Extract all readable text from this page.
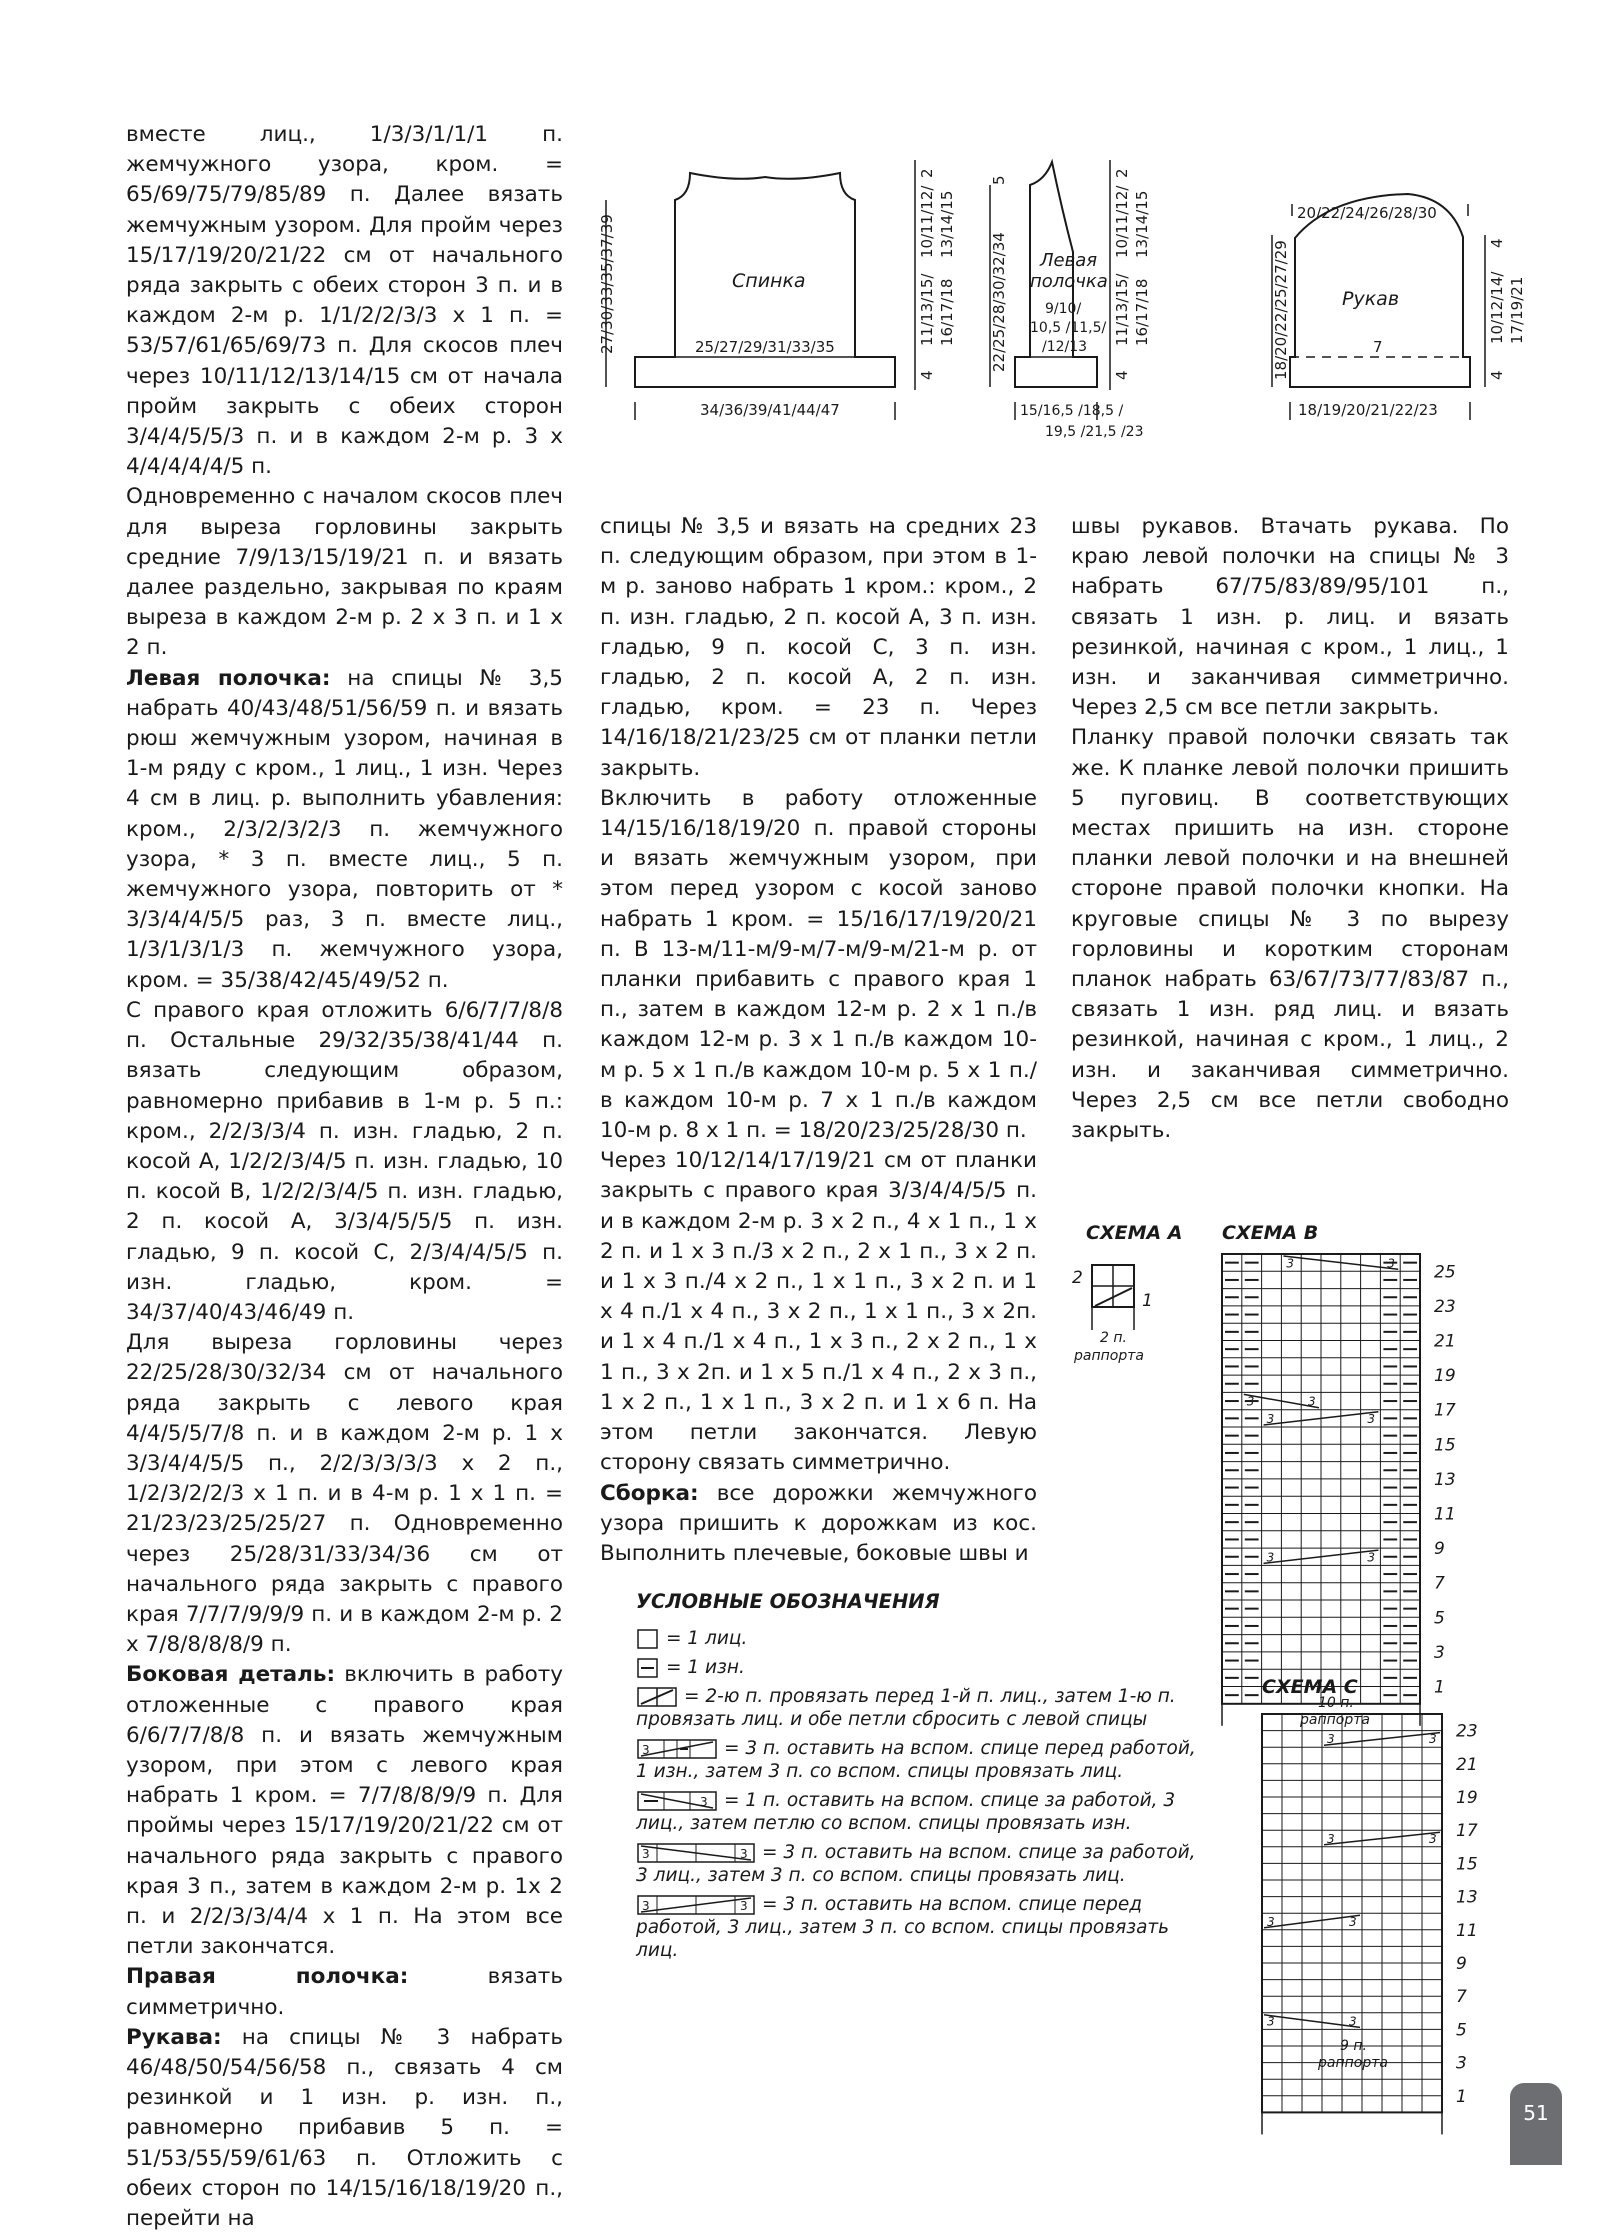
вместе лиц., 1/3/3/1/1/1 п. жемчужного узора, кром. = 65/69/75/79/85/89 п. Далее вязать жемчужным узором. Для пройм через 15/17/19/20/21/22 см от начального ряда закрыть с обеих сторон 3 п. и в каждом 2-м р. 1/1/2/2/3/3 х 1 п. = 53/57/61/65/69/73 п. Для скосов плеч через 10/11/12/13/14/15 см от начала пройм закрыть с обеих сторон 3/4/4/5/5/3 п. и в каждом 2-м р. 3 х 4/4/4/4/4/5 п.

Одновременно с началом скосов плеч для выреза горловины закрыть средние 7/9/13/15/19/21 п. и вязать далее раздельно, закрывая по краям выреза в каждом 2-м р. 2 х 3 п. и 1 х 2 п.

Левая полочка: на спицы № 3,5 набрать 40/43/48/51/56/59 п. и вязать рюш жемчужным узором, начиная в 1-м ряду с кром., 1 лиц., 1 изн. Через 4 см в лиц. р. выполнить убавления: кром., 2/3/2/3/2/3 п. жемчужного узора, * 3 п. вместе лиц., 5 п. жемчужного узора, повторить от * 3/3/4/4/5/5 раз, 3 п. вместе лиц., 1/3/1/3/1/3 п. жемчужного узора, кром. = 35/38/42/45/49/52 п.

С правого края отложить 6/6/7/7/8/8 п. Остальные 29/32/35/38/41/44 п. вязать следующим образом, равномерно прибавив в 1-м р. 5 п.: кром., 2/2/3/3/4 п. изн. гладью, 2 п. косой А, 1/2/2/3/4/5 п. изн. гладью, 10 п. косой В, 1/2/2/3/4/5 п. изн. гладью, 2 п. косой А, 3/3/4/5/5/5 п. изн. гладью, 9 п. косой С, 2/3/4/4/5/5 п. изн. гладью, кром. = 34/37/40/43/46/49 п.

Для выреза горловины через 22/25/28/30/32/34 см от начального ряда закрыть с левого края 4/4/5/5/7/8 п. и в каждом 2-м р. 1 х 3/3/4/4/5/5 п., 2/2/3/3/3/3 х 2 п., 1/2/3/2/2/3 х 1 п. и в 4-м р. 1 х 1 п. = 21/23/23/25/25/27 п. Одновременно через 25/28/31/33/34/36 см от начального ряда закрыть с правого края 7/7/7/9/9/9 п. и в каждом 2-м р. 2 х 7/8/8/8/8/9 п.

Боковая деталь: включить в работу отложенные с правого края 6/6/7/7/8/8 п. и вязать жемчужным узором, при этом с левого края набрать 1 кром. = 7/7/8/8/9/9 п. Для проймы через 15/17/19/20/21/22 см от начального ряда закрыть с правого края 3 п., затем в каждом 2-м р. 1х 2 п. и 2/2/3/3/4/4 х 1 п. На этом все петли закончатся.

Правая полочка: вязать симметрично.

Рукава: на спицы № 3 набрать 46/48/50/54/56/58 п., связать 4 см резинкой и 1 изн. р. изн. п., равномерно прибавив 5 п. = 51/53/55/59/61/63 п. Отложить с обеих сторон по 14/15/16/18/19/20 п., перейти на

спицы № 3,5 и вязать на средних 23 п. следующим образом, при этом в 1-м р. заново набрать 1 кром.: кром., 2 п. изн. гладью, 2 п. косой А, 3 п. изн. гладью, 9 п. косой С, 3 п. изн. гладью, 2 п. косой А, 2 п. изн. гладью, кром. = 23 п. Через 14/16/18/21/23/25 см от планки петли закрыть.

Включить в работу отложенные 14/15/16/18/19/20 п. правой стороны и вязать жемчужным узором, при этом перед узором с косой заново набрать 1 кром. = 15/16/17/19/20/21 п. В 13-м/11-м/9-м/7-м/9-м/21-м р. от планки прибавить с правого края 1 п., затем в каждом 12-м р. 2 х 1 п./в каждом 12-м р. 3 х 1 п./в каждом 10-м р. 5 х 1 п./в каждом 10-м р. 5 х 1 п./в каждом 10-м р. 7 х 1 п./в каждом 10-м р. 8 х 1 п. = 18/20/23/25/28/30 п.

Через 10/12/14/17/19/21 см от планки закрыть с правого края 3/3/4/4/5/5 п. и в каждом 2-м р. 3 х 2 п., 4 х 1 п., 1 х 2 п. и 1 х 3 п./3 х 2 п., 2 х 1 п., 3 х 2 п. и 1 х 3 п./4 х 2 п., 1 х 1 п., 3 х 2 п. и 1 х 4 п./1 х 4 п., 3 х 2 п., 1 х 1 п., 3 х 2п. и 1 х 4 п./1 х 4 п., 1 х 3 п., 2 х 2 п., 1 х 1 п., 3 х 2п. и 1 х 5 п./1 х 4 п., 2 х 3 п., 1 х 2 п., 1 х 1 п., 3 х 2 п. и 1 х 6 п. На этом петли закончатся. Левую сторону связать симметрично.

Сборка: все дорожки жемчужного узора пришить к дорожкам из кос. Выполнить плечевые, боковые швы и

швы рукавов. Втачать рукава. По краю левой полочки на спицы № 3 набрать 67/75/83/89/95/101 п., связать 1 изн. р. лиц. и вязать резинкой, начиная с кром., 1 лиц., 1 изн. и заканчивая симметрично. Через 2,5 см все петли закрыть.

Планку правой полочки связать так же. К планке левой полочки пришить 5 пуговиц. В соответствующих местах пришить на изн. стороне планки левой полочки и на внешней стороне правой полочки кнопки. На круговые спицы № 3 по вырезу горловины и коротким сторонам планок набрать 63/67/73/77/83/87 п., связать 1 изн. ряд лиц. и вязать резинкой, начиная с кром., 1 лиц., 2 изн. и заканчивая симметрично. Через 2,5 см все петли свободно закрыть.

Спинка
27/30/33/35/37/39	25/27/29/31/33/35
34/36/39/41/44/47
11/13/15/ 16/17/18
10/11/12/ 13/14/15
2
4
Левая
полочка
22/25/28/30/32/34
5
9/10/
10,5 /11,5/
/12/13
15/16,5 /18,5 /
19,5 /21,5 /23
11/13/15/ 16/17/18
10/11/12/ 13/14/15
2
4
Рукав
20/22/24/26/28/30
18/20/22/25/27/29	7
10/12/14/ 17/19/21
4
4
18/19/20/21/22/23
СХЕМА А
2
1
2 п.
раппорта
СХЕМА В
25
23
21
19
17
15
13
11
9
7
5
3
1
3	3
3	3
3	3
3	3
СХЕМА С
23
21
19
17
15
13
11
9
7
5
3
1
3	3
3	3
3	3
3	3
10 п.
раппорта
9 п.
раппорта
УСЛОВНЫЕ ОБОЗНАЧЕНИЯ
= 1 лиц.
= 1 изн.
= 2-ю п. провязать перед 1-й п. лиц., затем 1-ю п. провязать лиц. и обе петли сбросить с левой спицы
3	= 3 п. оставить на вспом. спице перед работой, 1 изн., затем 3 п. со вспом. спицы провязать лиц.
3 = 1 п. оставить на вспом. спице за работой, 3 лиц., затем петлю со вспом. спицы провязать изн.
3	3 = 3 п. оставить на вспом. спице за работой, 3 лиц., затем 3 п. со вспом. спицы провязать лиц.
3	3 = 3 п. оставить на вспом. спице перед работой, 3 лиц., затем 3 п. со вспом. спицы провязать лиц.
51
